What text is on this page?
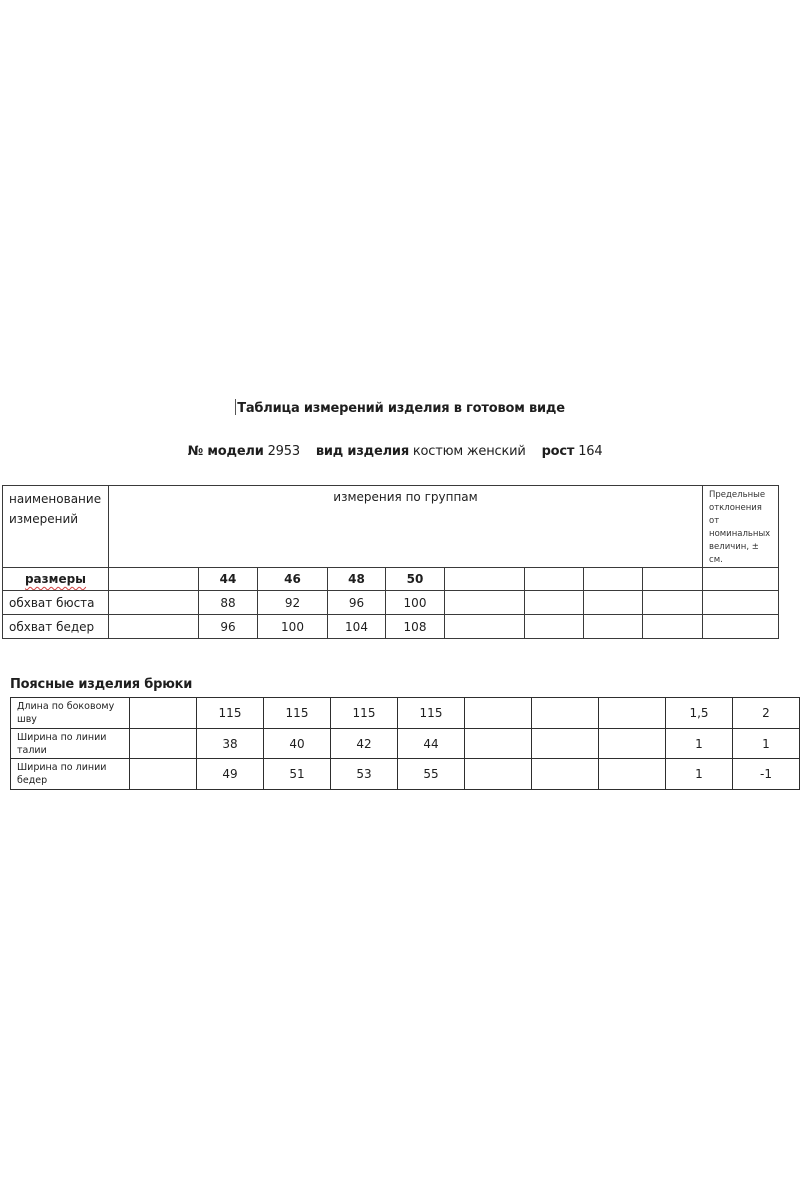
Таблица измерений изделия в готовом виде
№ модели 2953 вид изделия костюм женский рост 164
наименование измерений	измерения по группам									Предельные отклонения от номинальных величин, ± см.
размеры		44	46	48	50					
обхват бюста		88	92	96	100					
обхват бедер		96	100	104	108					
Поясные изделия брюки
Длина по боковому шву		115	115	115	115				1,5	2
Ширина по линии талии		38	40	42	44				1	1
Ширина по линии бедер		49	51	53	55				1	-1
